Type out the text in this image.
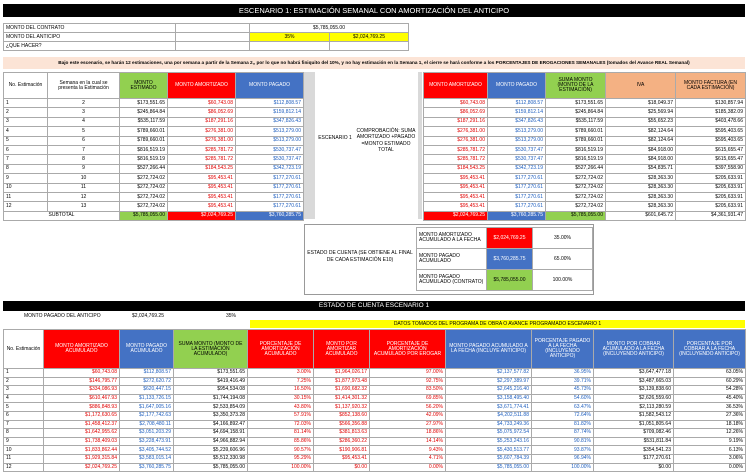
ESCENARIO 1: ESTIMACIÓN SEMANAL CON AMORTIZACIÓN DEL ANTICIPO
MONTO DEL CONTRATO		$5,785,055.00	
MONTO DEL ANTICIPO		35%	$2,024,769.25
¿QUE HACER?			
Bajo este escenario, se harán 12 estimaciones, una por semana a partir de la Semana 2,, por lo que no habrá finiquito del 10%, y no hay estimación en la Semana 1, el cierre se hará conforme a los PORCENTAJES DE EROGACIONES SEMANALES (tomados del Avance REAL Semanal)
No. Estimación	Semana en la cual se presenta la Estimación	MONTO ESTIMADO	MONTO AMORTIZADO	MONTO PAGADO
1	2	$173,551.65	$60,743.08	$112,808.57
2	3	$245,864.84	$86,052.69	$159,812.14
3	4	$535,117.59	$187,291.16	$347,826.43
4	5	$789,660.01	$276,381.00	$513,279.00
5	6	$789,660.01	$276,381.00	$513,279.00
6	7	$816,519.19	$285,781.72	$530,737.47
7	8	$816,519.19	$285,781.72	$530,737.47
8	9	$527,266.44	$184,543.25	$342,723.19
9	10	$272,724.02	$95,453.41	$177,270.61
10	11	$272,724.02	$95,453.41	$177,270.61
11	12	$272,724.02	$95,453.41	$177,270.61
12	13	$272,724.02	$95,453.41	$177,270.61
SUBTOTAL		$5,785,055.00	$2,024,769.25	$3,760,285.75
ESCENARIO 1
COMPROBACIÓN: SUMA AMORTIZADO +PAGADO =MONTO ESTIMADO TOTAL
MONTO AMORTIZADO	MONTO PAGADO	SUMA MONTO (MONTO DE LA ESTIMACIÓN)	IVA	MONTO FACTURA (EN CADA ESTIMACIÓN)
$60,743.08	$112,808.57	$173,551.65	$18,049.37	$130,857.94
$86,052.69	$159,812.14	$245,864.84	$25,569.94	$185,382.09
$187,291.16	$347,826.43	$535,117.59	$55,652.23	$403,478.66
$276,381.00	$513,279.00	$789,660.01	$82,124.64	$595,403.65
$276,381.00	$513,279.00	$789,660.01	$82,124.64	$595,403.65
$285,781.72	$530,737.47	$816,519.19	$84,918.00	$615,655.47
$285,781.72	$530,737.47	$816,519.19	$84,918.00	$615,655.47
$184,543.25	$342,723.19	$527,266.44	$54,835.71	$397,558.90
$95,453.41	$177,270.61	$272,724.02	$28,363.30	$205,633.91
$95,453.41	$177,270.61	$272,724.02	$28,363.30	$205,633.91
$95,453.41	$177,270.61	$272,724.02	$28,363.30	$205,633.91
$95,453.41	$177,270.61	$272,724.02	$28,363.30	$205,633.91
$2,024,769.25	$3,760,285.75	$5,785,055.00	$601,645.72	$4,361,931.47
ESTADO DE CUENTA (SE OBTIENE AL FINAL DE CADA ESTIMACIÓN E10)
MONTO AMORTIZADO ACUMULADO A LA FECHA	$2,024,769.25	35.00%
MONTO PAGADO ACUMULADO	$3,760,285.75	65.00%
MONTO PAGADO ACUMULADO (CONTRATO)	$5,785,055.00	100.00%
ESTADO DE CUENTA ESCENARIO 1
MONTO PAGADO DEL ANTICIPO	$2,024,769.25	35%
DATOS TOMADOS DEL PROGRAMA DE OBRA O AVANCE PROGRAMADO ESCENARIO 1
No. Estimación	MONTO AMORTIZADO ACUMULADO	MONTO PAGADO ACUMULADO	SUMA MONTO (MONTO DE LA ESTIMACIÓN ACUMULADO)	PORCENTAJE DE AMORTIZACIÓN ACUMULADO	MONTO POR AMORTIZAR ACUMULADO	PORCENTAJE DE AMORTIZACIÓN ACUMULADO POR EROGAR	MONTO PAGADO ACUMULADO A LA FECHA (INCLUYE ANTICIPO)	PORCENTAJE PAGADO A LA FECHA (INCLUYENDO ANTICIPO)	MONTO POR COBRAR ACUMULADO A LA FECHA (INCLUYENDO ANTICIPO)	PORCENTAJE POR COBRAR A LA FECHA (INCLUYENDO ANTICIPO)
1	$60,743.08	$112,808.57	$173,551.65	3.00%	$1,964,026.17	97.00%	$2,137,577.82	36.95%	$3,647,477.18	63.05%
2	$146,795.77	$272,620.72	$419,416.49	7.25%	$1,877,973.48	92.75%	$2,297,389.97	39.71%	$3,487,665.03	60.29%
3	$334,086.93	$620,447.15	$954,534.08	16.50%	$1,690,682.32	83.50%	$2,645,216.40	45.73%	$3,139,838.60	54.28%
4	$610,467.93	$1,133,726.15	$1,744,194.08	30.15%	$1,414,301.32	69.85%	$3,158,495.40	54.60%	$2,626,559.60	45.40%
5	$886,848.93	$1,647,005.16	$2,533,854.09	43.80%	$1,137,920.32	56.20%	$3,671,774.41	63.47%	$2,113,280.59	36.53%
6	$1,172,630.65	$2,177,742.63	$3,350,373.28	57.91%	$852,138.60	42.09%	$4,202,511.88	72.64%	$1,582,543.12	27.36%
7	$1,458,412.37	$2,708,480.11	$4,166,892.47	72.03%	$566,356.88	27.97%	$4,733,249.36	81.82%	$1,051,805.64	18.18%
8	$1,642,955.62	$3,051,203.29	$4,694,158.91	81.14%	$381,813.63	18.86%	$5,075,972.54	87.74%	$709,082.46	12.26%
9	$1,738,409.03	$3,228,473.91	$4,966,882.94	85.86%	$286,360.22	14.14%	$5,253,243.16	90.81%	$531,811.84	9.19%
10	$1,833,862.44	$3,405,744.52	$5,239,606.96	90.57%	$190,906.81	9.43%	$5,430,513.77	93.87%	$354,541.23	6.13%
11	$1,929,315.84	$3,583,015.14	$5,512,330.98	95.29%	$95,453.41	4.71%	$5,607,784.39	96.94%	$177,270.61	3.06%
12	$2,024,769.25	$3,760,285.75	$5,785,055.00	100.00%	$0.00	0.00%	$5,785,055.00	100.00%	$0.00	0.00%
